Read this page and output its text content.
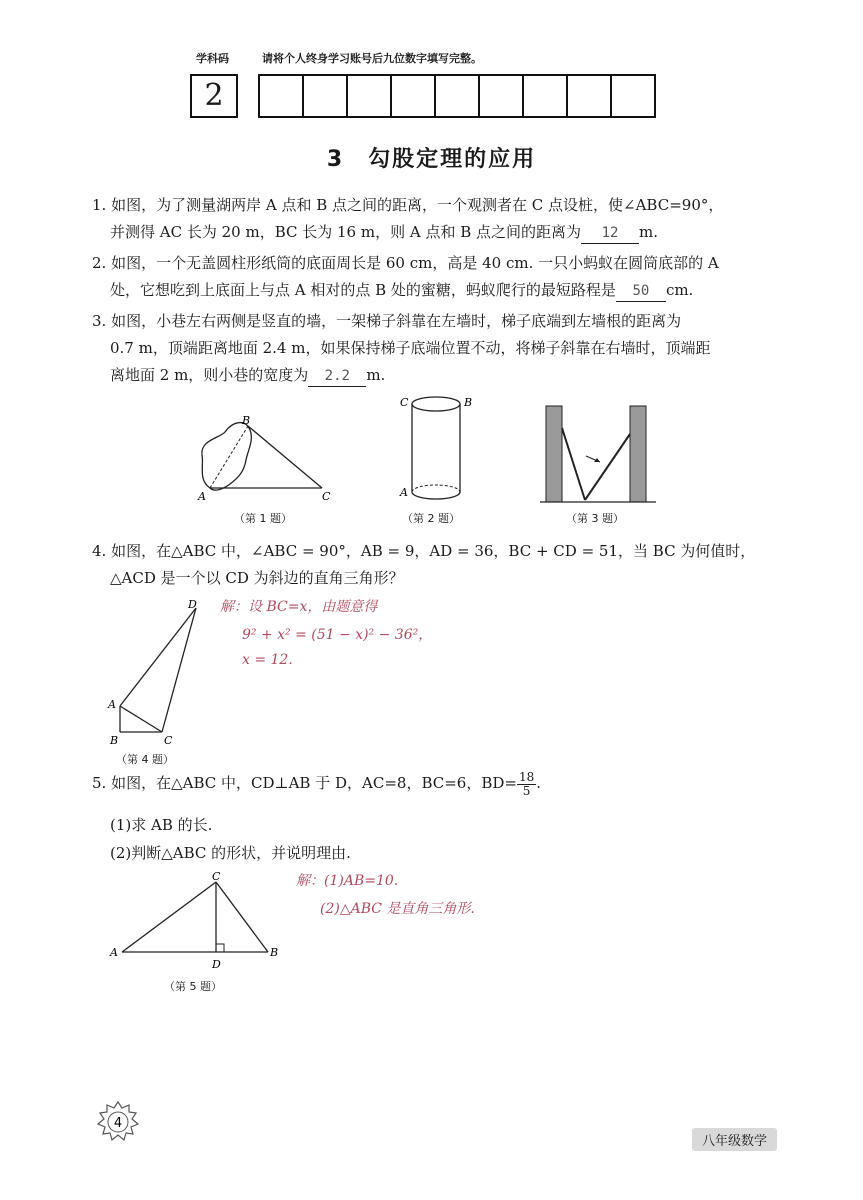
学科码	请将个人终身学习账号后九位数字填写完整。
2
3　勾股定理的应用
1. 如图，为了测量湖两岸 A 点和 B 点之间的距离，一个观测者在 C 点设桩，使∠ABC=90°，
并测得 AC 长为 20 m，BC 长为 16 m，则 A 点和 B 点之间的距离为 12 m.
2. 如图，一个无盖圆柱形纸筒的底面周长是 60 cm，高是 40 cm. 一只小蚂蚁在圆筒底部的 A
处，它想吃到上底面上与点 A 相对的点 B 处的蜜糖，蚂蚁爬行的最短路程是 50 cm.
3. 如图，小巷左右两侧是竖直的墙，一架梯子斜靠在左墙时，梯子底端到左墙根的距离为
0.7 m，顶端距离地面 2.4 m，如果保持梯子底端位置不动，将梯子斜靠在右墙时，顶端距
离地面 2 m，则小巷的宽度为 2.2 m.
A
B
C
（第 1 题）
C	B
A
（第 2 题）	（第 3 题）
4. 如图，在△ABC 中，∠ABC = 90°，AB = 9，AD = 36，BC + CD = 51，当 BC 为何值时，
△ACD 是一个以 CD 为斜边的直角三角形？
D
A
B	C
（第 4 题）
解：设 BC=x，由题意得
9² + x² = (51 − x)² − 36²，
x = 12.
5. 如图，在△ABC 中，CD⊥AB 于 D，AC=8，BC=6，$BD= \frac{18}{5}$ .
(1)求 AB 的长.
(2)判断△ABC 的形状，并说明理由.
C
A	B
D
（第 5 题）
解：(1)AB=10.
(2)△ABC 是直角三角形.
4
八年级数学
